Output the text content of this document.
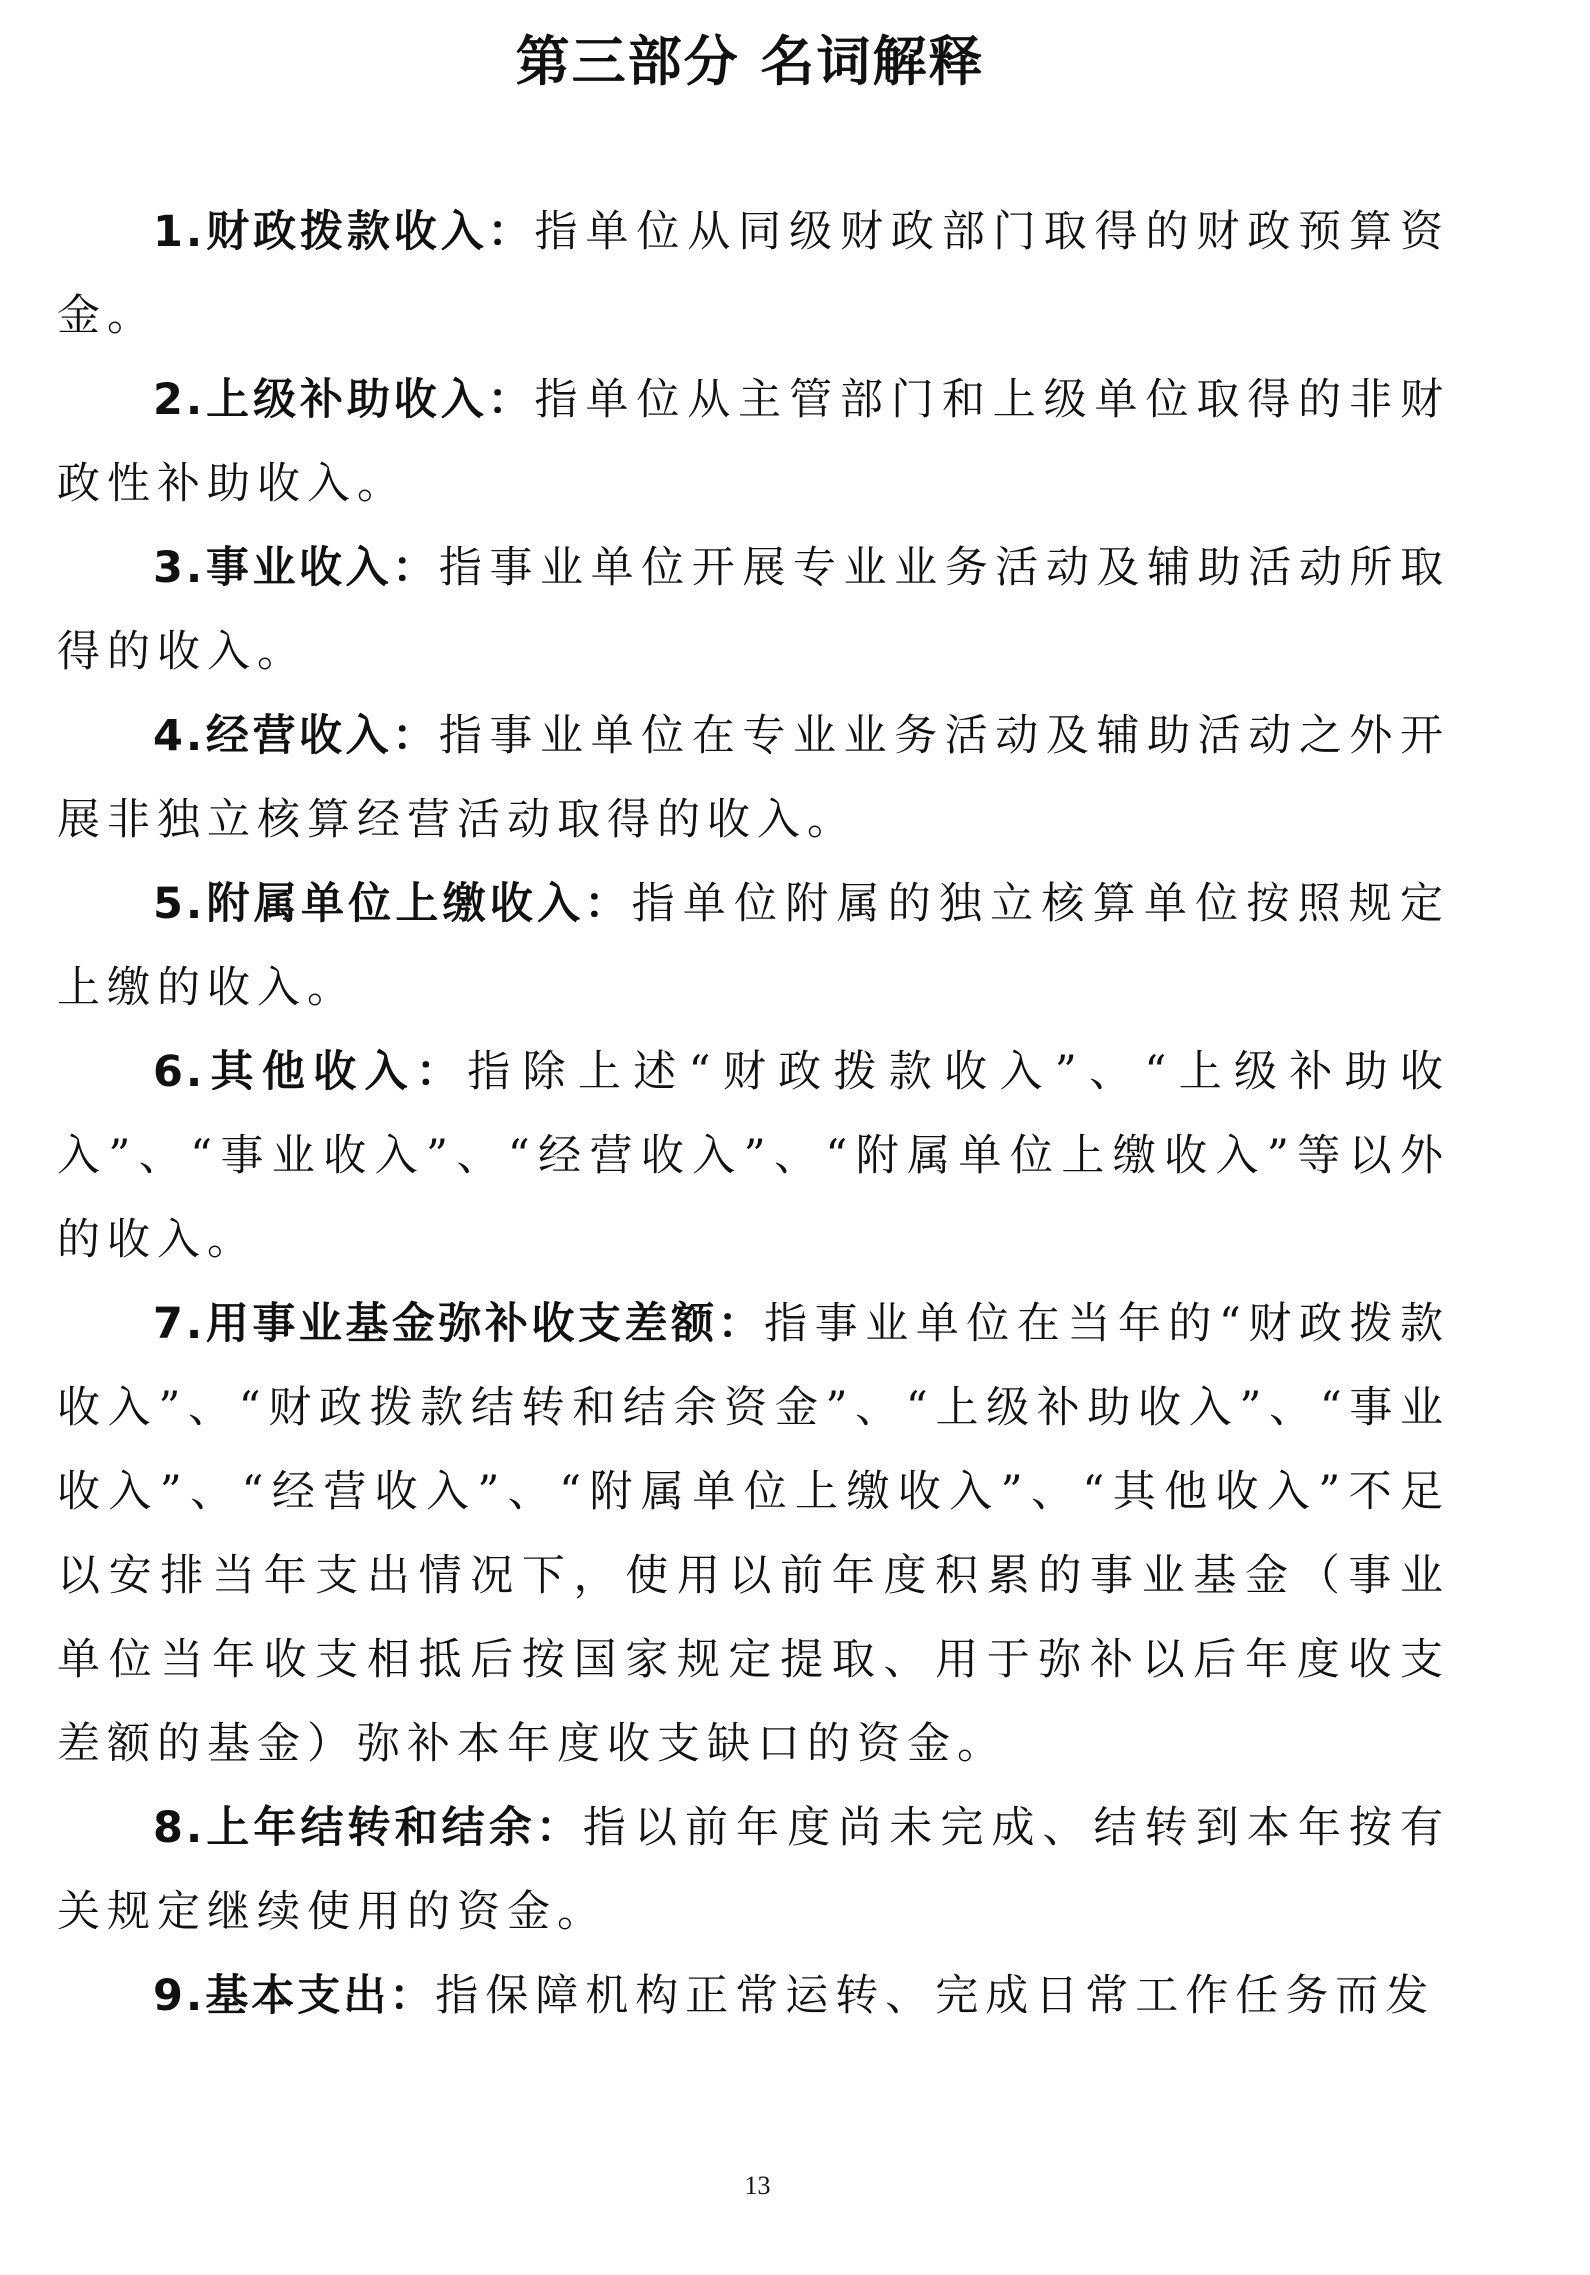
第三部分 名词解释

1.财政拨款收入：指单位从同级财政部门取得的财政预算资金。

2.上级补助收入：指单位从主管部门和上级单位取得的非财政性补助收入。

3.事业收入：指事业单位开展专业业务活动及辅助活动所取得的收入。

4.经营收入：指事业单位在专业业务活动及辅助活动之外开展非独立核算经营活动取得的收入。

5.附属单位上缴收入：指单位附属的独立核算单位按照规定上缴的收入。

6.其他收入：指除上述“财政拨款收入”、“上级补助收入”、“事业收入”、“经营收入”、“附属单位上缴收入”等以外的收入。

7.用事业基金弥补收支差额：指事业单位在当年的“财政拨款收入”、“财政拨款结转和结余资金”、“上级补助收入”、“事业收入”、“经营收入”、“附属单位上缴收入”、“其他收入”不足以安排当年支出情况下，使用以前年度积累的事业基金（事业单位当年收支相抵后按国家规定提取、用于弥补以后年度收支差额的基金）弥补本年度收支缺口的资金。

8.上年结转和结余：指以前年度尚未完成、结转到本年按有关规定继续使用的资金。

9.基本支出：指保障机构正常运转、完成日常工作任务而发

13
